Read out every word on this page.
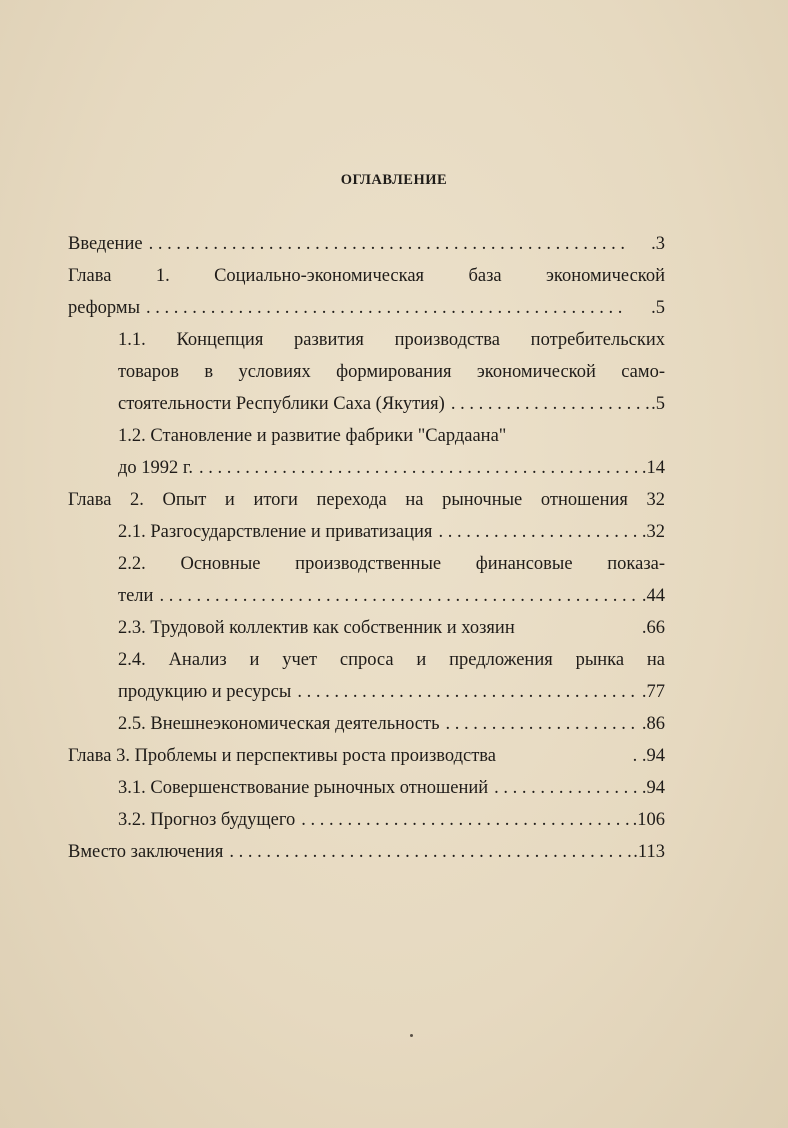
ОГЛАВЛЕНИЕ
Введение . . .	.3
Глава 1. Социально-экономическая база экономической
реформы . . .	.5
1.1. Концепция развития производства потребительских
товаров в условиях формирования экономической само-
стоятельности Республики Саха (Якутия) . . .	.5
1.2. Становление и развитие фабрики "Сардаана"
до 1992 г. . . .	.14
Глава 2. Опыт и итоги перехода на рыночные отношения 32
2.1. Разгосударствление и приватизация . . .	.32
2.2. Основные производственные финансовые показа-
тели . . .	.44
2.3. Трудовой коллектив как собственник и хозяин	.66
2.4. Анализ и учет спроса и предложения рынка на
продукцию и ресурсы . . .	.77
2.5. Внешнеэкономическая деятельность . . .	.86
Глава 3. Проблемы и перспективы роста производства	. .94
3.1. Совершенствование рыночных отношений . . .	.94
3.2. Прогноз будущего . . .	.106
Вместо заключения . . .	.113
